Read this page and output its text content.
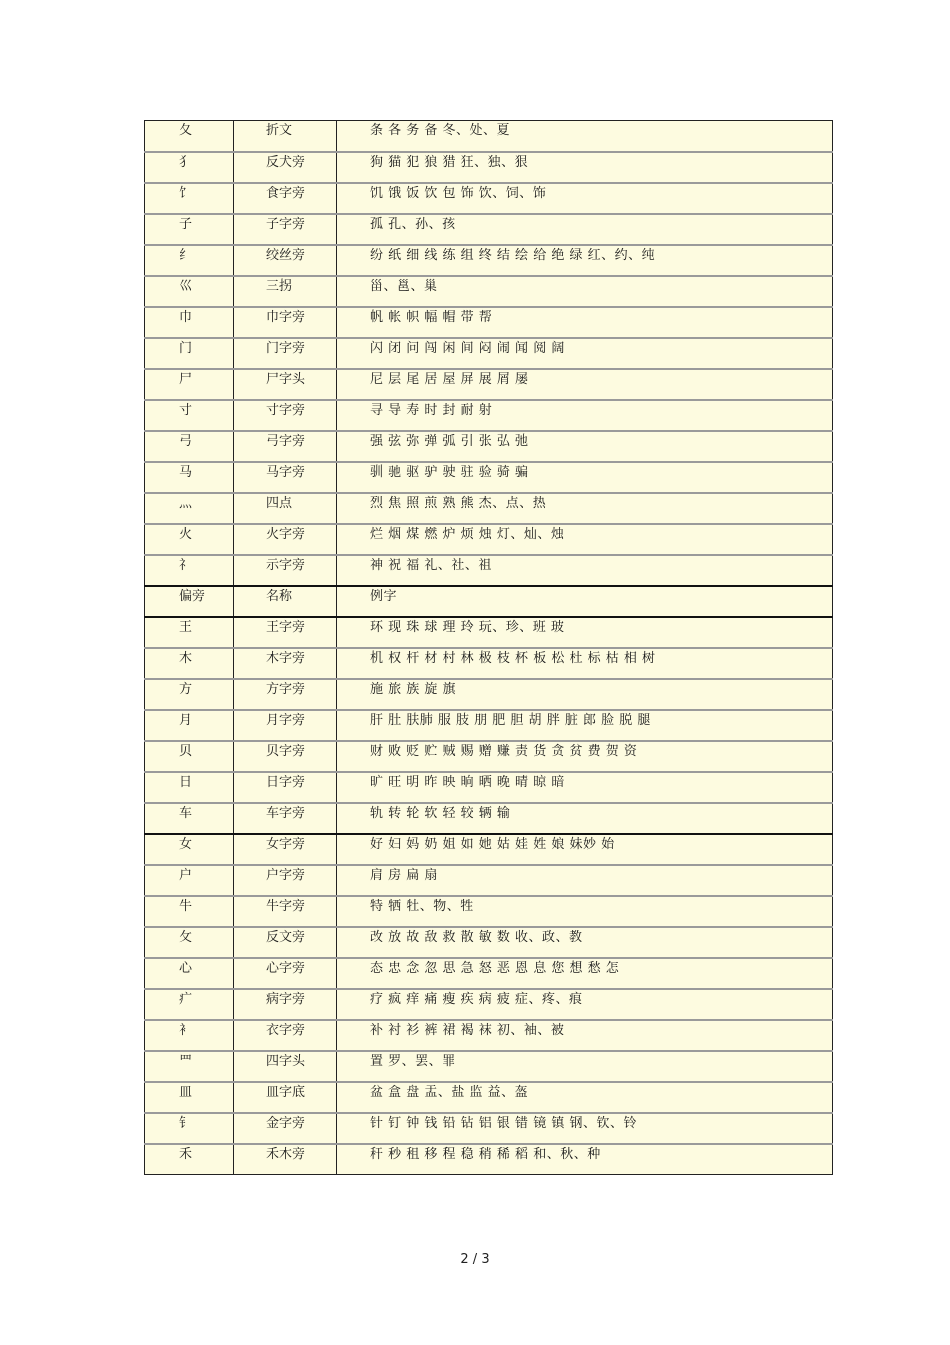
夂	折文	条 各 务 备 冬、处、夏
犭	反犬旁	狗 猫 犯 狼 猎 狂、独、狠
饣	食字旁	饥 饿 饭 饮 包 饰 饮、饲、饰
子	子字旁	孤 孔、孙、孩
纟	绞丝旁	纷 纸 细 线 练 组 终 结 绘 给 绝 绿 红、约、纯
巛	三拐	甾、邕、巢
巾	巾字旁	帆 帐 帜 幅 帽 带 帮
门	门字旁	闪 闭 问 闯 闲 间 闷 闹 闻 阅 阔
尸	尸字头	尼 层 尾 居 屋 屏 展 屑 屡
寸	寸字旁	寻 导 寿 时 封 耐 射
弓	弓字旁	强 弦 弥 弹 弧 引 张 弘 弛
马	马字旁	驯 驰 驱 驴 驶 驻 验 骑 骗
灬	四点	烈 焦 照 煎 熟 熊 杰、点、热
火	火字旁	烂 烟 煤 燃 炉 烦 烛 灯、灿、烛
礻	示字旁	神 祝 福 礼、社、祖
偏旁	名称	例字
王	王字旁	环 现 珠 球 理 玲 玩、珍、班 玻
木	木字旁	机 权 杆 材 村 林 极 枝 杯 板 松 杜 标 枯 相 树
方	方字旁	施 旅 族 旋 旗
月	月字旁	肝 肚 肤肺 服 肢 朋 肥 胆 胡 胖 脏 郎 脸 脱 腿
贝	贝字旁	财 败 贬 贮 贼 赐 赠 赚 责 货 贪 贫 费 贺 资
日	日字旁	旷 旺 明 昨 映 晌 晒 晚 晴 晾 暗
车	车字旁	轨 转 轮 软 轻 较 辆 输
女	女字旁	好 妇 妈 奶 姐 如 她 姑 娃 姓 娘 妹妙 始
户	户字旁	肩 房 扁 扇
牛	牛字旁	特 牺 牡、物、牲
攵	反文旁	改 放 故 敌 救 散 敏 数 收、政、教
心	心字旁	态 忠 念 忽 思 急 怒 恶 恩 息 您 想 愁 怎
疒	病字旁	疗 疯 痒 痛 瘦 疾 病 疲 症、疼、痕
衤	衣字旁	补 衬 衫 裤 裙 褐 袜 初、袖、被
罒	四字头	置 罗、罢、罪
皿	皿字底	盆 盒 盘 盂、盐 监 益、盔
钅	金字旁	针 钉 钟 钱 铅 钻 铝 银 错 镜 镇 钢、钦、铃
禾	禾木旁	秆 秒 租 移 程 稳 稍 稀 稻 和、秋、种
2 / 3
